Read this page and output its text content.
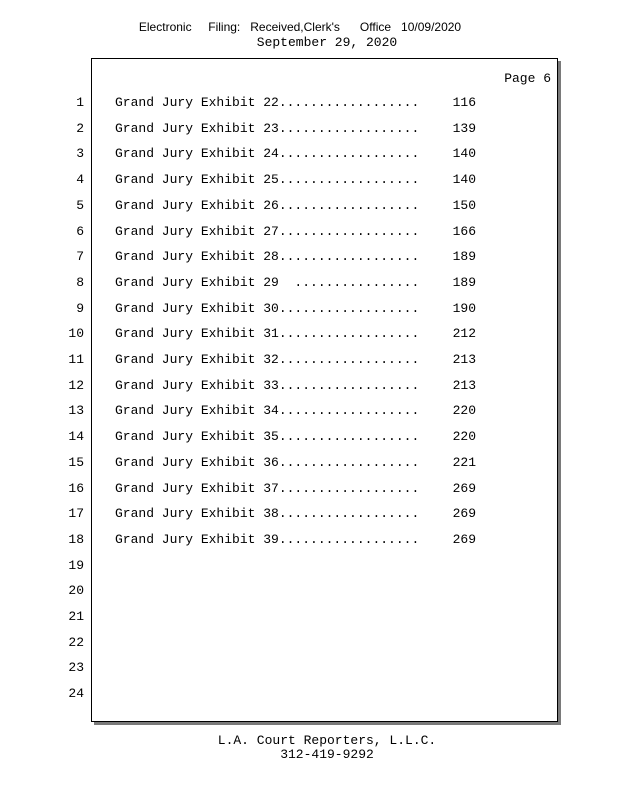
Electronic     Filing:   Received,Clerk's      Office   10/09/2020
September 29, 2020
Page 6
1 Grand Jury Exhibit 22..................	116
2 Grand Jury Exhibit 23..................	139
3 Grand Jury Exhibit 24..................	140
4 Grand Jury Exhibit 25..................	140
5 Grand Jury Exhibit 26..................	150
6 Grand Jury Exhibit 27..................	166
7 Grand Jury Exhibit 28..................	189
8 Grand Jury Exhibit 29  ................	189
9 Grand Jury Exhibit 30..................	190
10 Grand Jury Exhibit 31..................	212
11 Grand Jury Exhibit 32..................	213
12 Grand Jury Exhibit 33..................	213
13 Grand Jury Exhibit 34..................	220
14 Grand Jury Exhibit 35..................	220
15 Grand Jury Exhibit 36..................	221
16 Grand Jury Exhibit 37..................	269
17 Grand Jury Exhibit 38..................	269
18 Grand Jury Exhibit 39..................	269
19
20
21
22
23
24
L.A. Court Reporters, L.L.C.
312-419-9292
